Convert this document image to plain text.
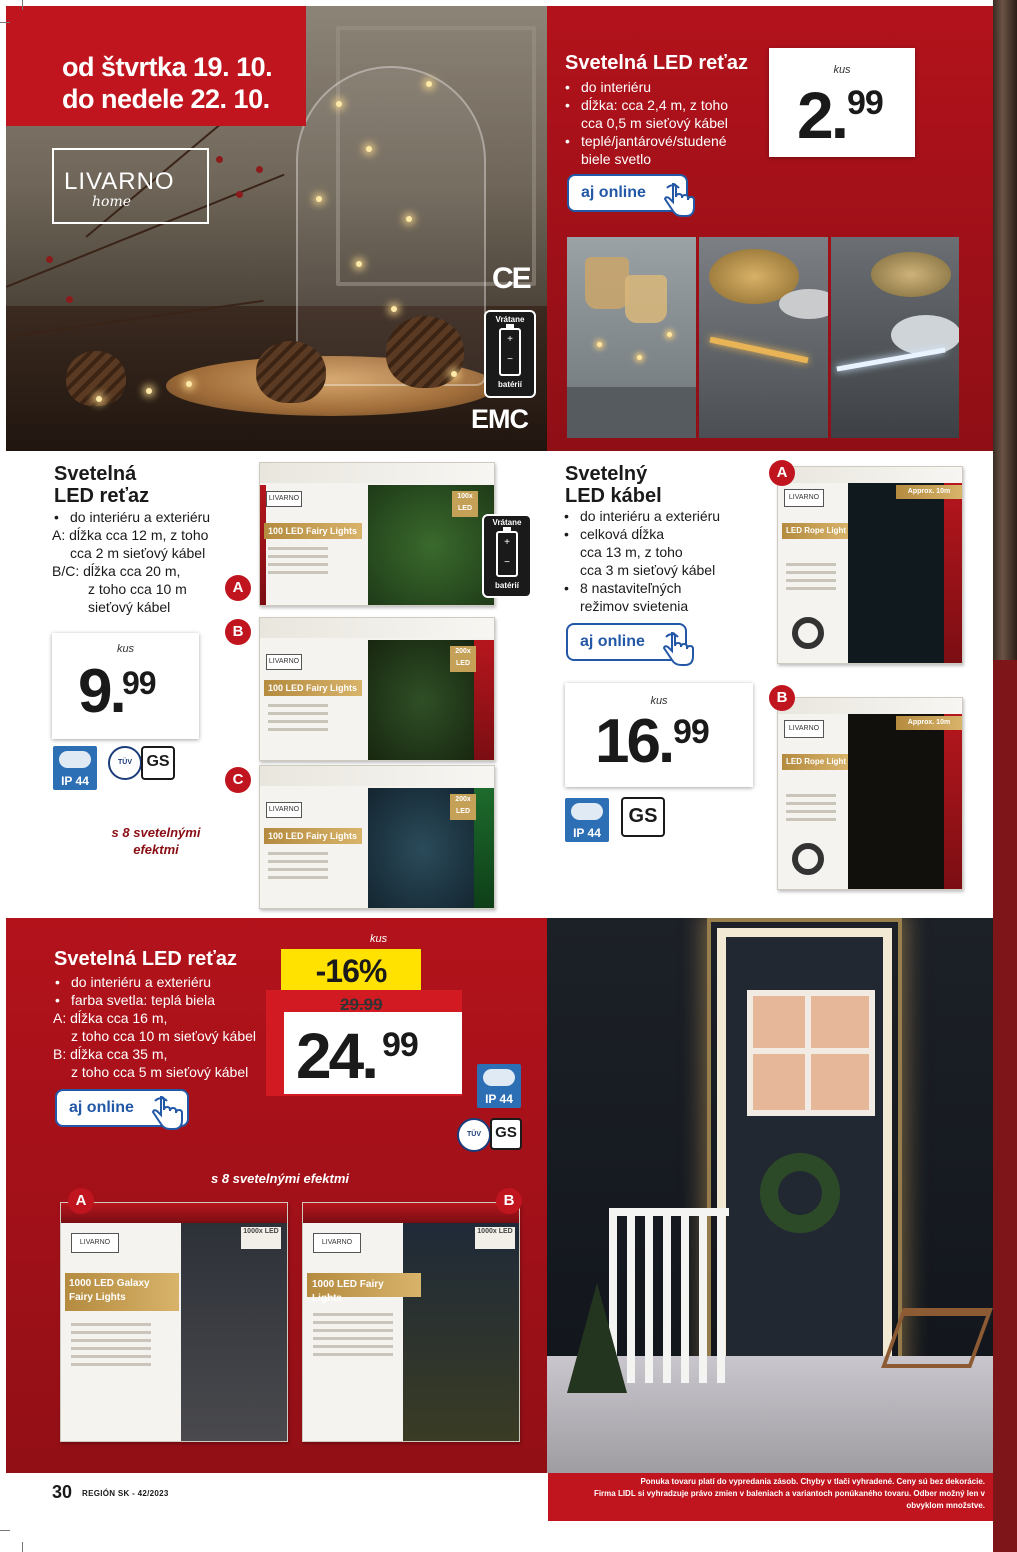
od štvrtka 19. 10.
do nedele 22. 10.
LIVARNO
home
CE
Vrátane
+
−
batérií
EMC
Svetelná LED reťaz
• do interiéru
• dĺžka: cca 2,4 m, z toho
cca 0,5 m sieťový kábel
• teplé/jantárové/studené
biele svetlo
kus
2. 99
aj online
Svetelná
LED reťaz
• do interiéru a exteriéru
A: dĺžka cca 12 m, z toho
cca 2 m sieťový kábel
B/C: dĺžka cca 20 m,
z toho cca 10 m
sieťový kábel
kus
9.
99
IP 44
TÜV GS
s 8 svetelnými
efektmi
LIVARNO
100 LED Fairy Lights
100x LED
Vrátane
+
−
batérií
A
LIVARNO
100 LED Fairy Lights
200x LED
B
LIVARNO
100 LED Fairy Lights
200x LED
C
Svetelný
LED kábel
• do interiéru a exteriéru
• celková dĺžka
cca 13 m, z toho
cca 3 m sieťový kábel
• 8 nastaviteľných
režimov svietenia
aj online
kus
16. 99
IP 44
GS
LIVARNO
LED Rope Light
Approx. 10m
A
LIVARNO
LED Rope Light
Approx. 10m
B
Svetelná LED reťaz
• do interiéru a exteriéru
• farba svetla: teplá biela
A: dĺžka cca 16 m,
z toho cca 10 m sieťový kábel
B: dĺžka cca 35 m,
z toho cca 5 m sieťový kábel
kus
-16%
24. 99
29.99
aj online	IP 44
TÜV GS
s 8 svetelnými efektmi
LIVARNO
1000 LED Galaxy
Fairy Lights
1000x LED
A
LIVARNO
1000 LED Fairy Lights
1000x LED
B
30 REGIÓN SK - 42/2023
Ponuka tovaru platí do vypredania zásob. Chyby v tlači vyhradené. Ceny sú bez dekorácie.
Firma LIDL si vyhradzuje právo zmien v baleniach a variantoch ponúkaného tovaru. Odber možný len v obvyklom množstve.
